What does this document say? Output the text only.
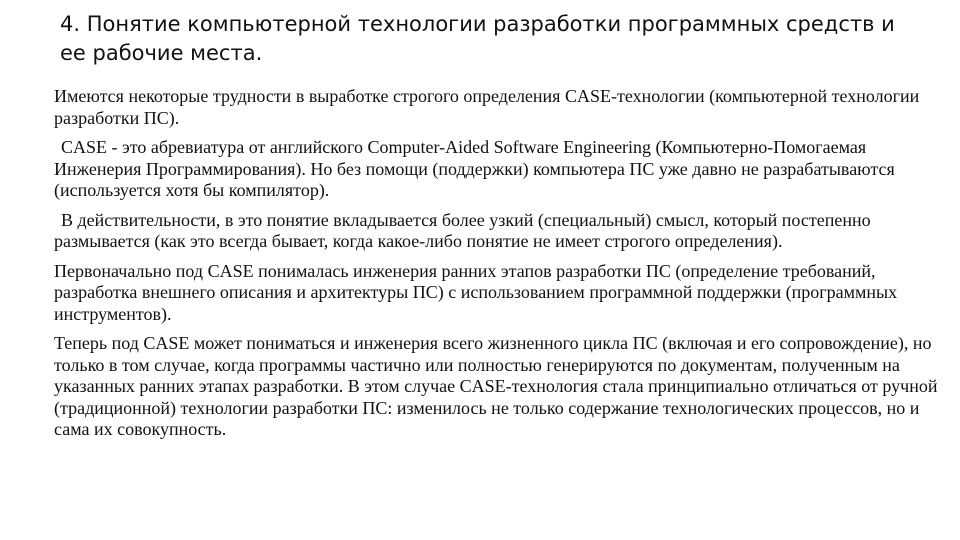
4. Понятие компьютерной технологии разработки программных средств и ее рабочие места.

Имеются некоторые трудности в выработке строгого определения CASE-технологии (компьютерной технологии разработки ПС).

CASE - это абревиатура от английского Computer-Aided Software Engineering (Компьютерно-Помогаемая Инженерия Программирования). Но без помощи (поддержки) компьютера ПС уже давно не разрабатываются (используется хотя бы компилятор).

В действительности, в это понятие вкладывается более узкий (специальный) смысл, который постепенно размывается (как это всегда бывает, когда какое-либо понятие не имеет строгого определения).

Первоначально под CASE понималась инженерия ранних этапов разработки ПС (определение требований, разработка внешнего описания и архитектуры ПС) с использованием программной поддержки (программных инструментов).

Теперь под CASE может пониматься и инженерия всего жизненного цикла ПС (включая и его сопровождение), но только в том случае, когда программы частично или полностью генерируются по документам, полученным на указанных ранних этапах разработки. В этом случае CASE-технология стала принципиально отличаться от ручной (традиционной) технологии разработки ПС: изменилось не только содержание технологических процессов, но и сама их совокупность.
